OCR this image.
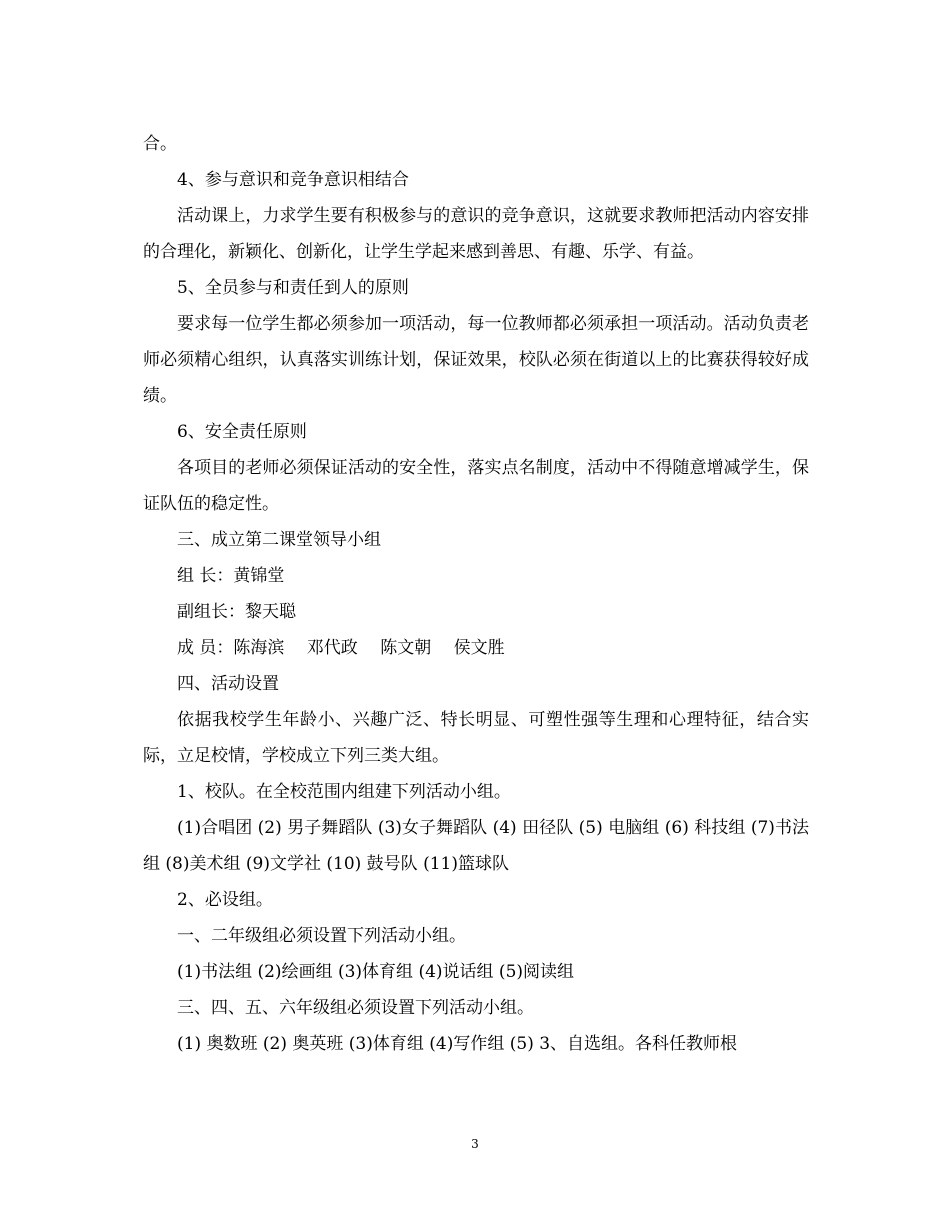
合。

4、参与意识和竞争意识相结合

活动课上，力求学生要有积极参与的意识的竞争意识，这就要求教师把活动内容安排的合理化，新颖化、创新化，让学生学起来感到善思、有趣、乐学、有益。

5、全员参与和责任到人的原则

要求每一位学生都必须参加一项活动，每一位教师都必须承担一项活动。活动负责老师必须精心组织，认真落实训练计划，保证效果，校队必须在街道以上的比赛获得较好成绩。

6、安全责任原则

各项目的老师必须保证活动的安全性，落实点名制度，活动中不得随意增减学生，保证队伍的稳定性。

三、成立第二课堂领导小组

组 长：黄锦堂

副组长：黎天聪

成 员：陈海滨　 邓代政　 陈文朝　 侯文胜

四、活动设置

依据我校学生年龄小、兴趣广泛、特长明显、可塑性强等生理和心理特征，结合实际，立足校情，学校成立下列三类大组。

1、校队。在全校范围内组建下列活动小组。

(1)合唱团 (2) 男子舞蹈队 (3)女子舞蹈队 (4) 田径队 (5) 电脑组 (6) 科技组 (7)书法组 (8)美术组 (9)文学社 (10) 鼓号队 (11)篮球队

2、必设组。

一、二年级组必须设置下列活动小组。

(1)书法组 (2)绘画组 (3)体育组 (4)说话组 (5)阅读组

三、四、五、六年级组必须设置下列活动小组。

(1) 奥数班 (2) 奥英班 (3)体育组 (4)写作组 (5) 3、自选组。各科任教师根

3
